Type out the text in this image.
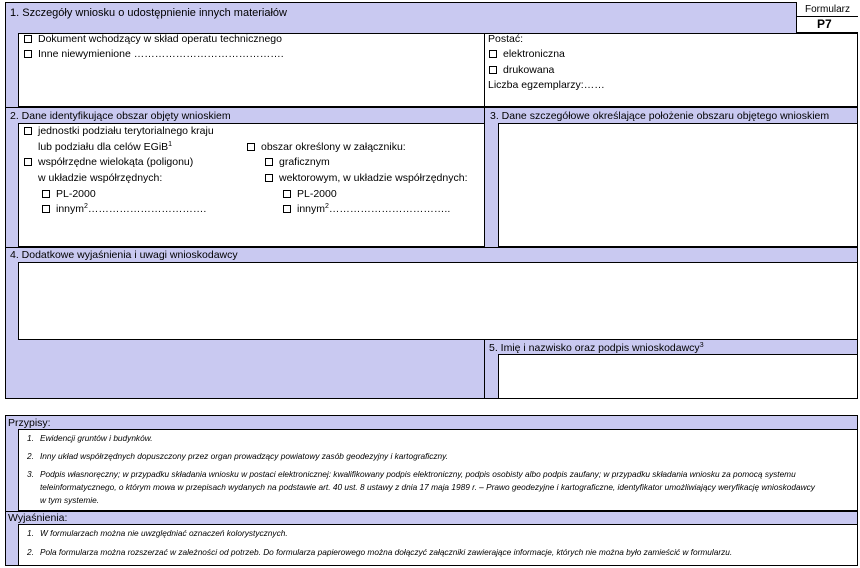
1. Szczegóły wniosku o udostępnienie innych materiałów	Formularz
P7
Dokument wchodzący w skład operatu technicznego
Inne niewymienione …………………………………….
Postać:
elektroniczna
drukowana
Liczba egzemplarzy:……
2. Dane identyfikujące obszar objęty wnioskiem	3. Dane szczegółowe określające położenie obszaru objętego wnioskiem
jednostki podziału terytorialnego kraju
lub podziału dla celów EGiB$^1$
współrzędne wielokąta (poligonu)
w układzie współrzędnych:
PL-2000
innym$^2$…………………………….
obszar określony w załączniku:
graficznym
wektorowym, w układzie współrzędnych:
PL-2000
innym$^2$……………………………..
4. Dodatkowe wyjaśnienia i uwagi wnioskodawcy
5. Imię i nazwisko oraz podpis wnioskodawcy$^3$
Przypisy:
1. Ewidencji gruntów i budynków.
2. Inny układ współrzędnych dopuszczony przez organ prowadzący powiatowy zasób geodezyjny i kartograficzny.
3. Podpis własnoręczny; w przypadku składania wniosku w postaci elektronicznej: kwalifikowany podpis elektroniczny, podpis osobisty albo podpis zaufany; w przypadku składania wniosku za pomocą systemu
teleinformatycznego, o którym mowa w przepisach wydanych na podstawie art. 40 ust. 8 ustawy z dnia 17 maja 1989 r. – Prawo geodezyjne i kartograficzne, identyfikator umożliwiający weryfikację wnioskodawcy
w tym systemie.
Wyjaśnienia:
1. W formularzach można nie uwzględniać oznaczeń kolorystycznych.
2. Pola formularza można rozszerzać w zależności od potrzeb. Do formularza papierowego można dołączyć załączniki zawierające informacje, których nie można było zamieścić w formularzu.
